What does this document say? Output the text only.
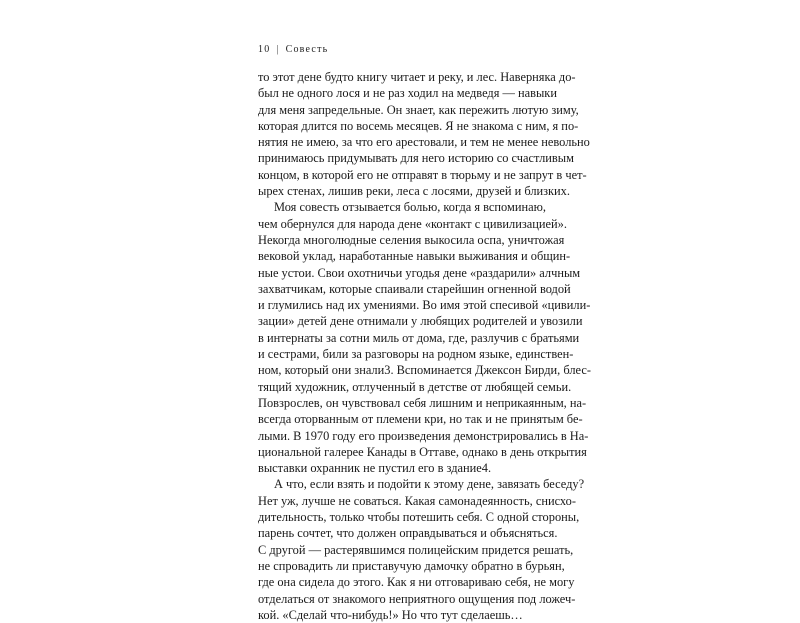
10 | Совесть
то этот дене будто книгу читает и реку, и лес. Наверняка до-
был не одного лося и не раз ходил на медведя — навыки
для меня запредельные. Он знает, как пережить лютую зиму,
которая длится по восемь месяцев. Я не знакома с ним, я по-
нятия не имею, за что его арестовали, и тем не менее невольно
принимаюсь придумывать для него историю со счастливым
концом, в которой его не отправят в тюрьму и не запрут в чет-
ырех стенах, лишив реки, леса с лосями, друзей и близких.
Моя совесть отзывается болью, когда я вспоминаю,
чем обернулся для народа дене «контакт с цивилизацией».
Некогда многолюдные селения выкосила оспа, уничтожая
вековой уклад, наработанные навыки выживания и общин-
ные устои. Свои охотничьи угодья дене «раздарили» алчным
захватчикам, которые спаивали старейшин огненной водой
и глумились над их умениями. Во имя этой спесивой «цивили-
зации» детей дене отнимали у любящих родителей и увозили
в интернаты за сотни миль от дома, где, разлучив с братьями
и сестрами, били за разговоры на родном языке, единствен-
ном, который они знали3. Вспоминается Джексон Бирди, блес-
тящий художник, отлученный в детстве от любящей семьи.
Повзрослев, он чувствовал себя лишним и неприкаянным, на-
всегда оторванным от племени кри, но так и не принятым бе-
лыми. В 1970 году его произведения демонстрировались в На-
циональной галерее Канады в Оттаве, однако в день открытия
выставки охранник не пустил его в здание4.
А что, если взять и подойти к этому дене, завязать беседу?
Нет уж, лучше не соваться. Какая самонадеянность, снисхо-
дительность, только чтобы потешить себя. С одной стороны,
парень сочтет, что должен оправдываться и объясняться.
С другой — растерявшимся полицейским придется решать,
не спровадить ли приставучую дамочку обратно в бурьян,
где она сидела до этого. Как я ни отговариваю себя, не могу
отделаться от знакомого неприятного ощущения под ложеч-
кой. «Сделай что-нибудь!» Но что тут сделаешь…
